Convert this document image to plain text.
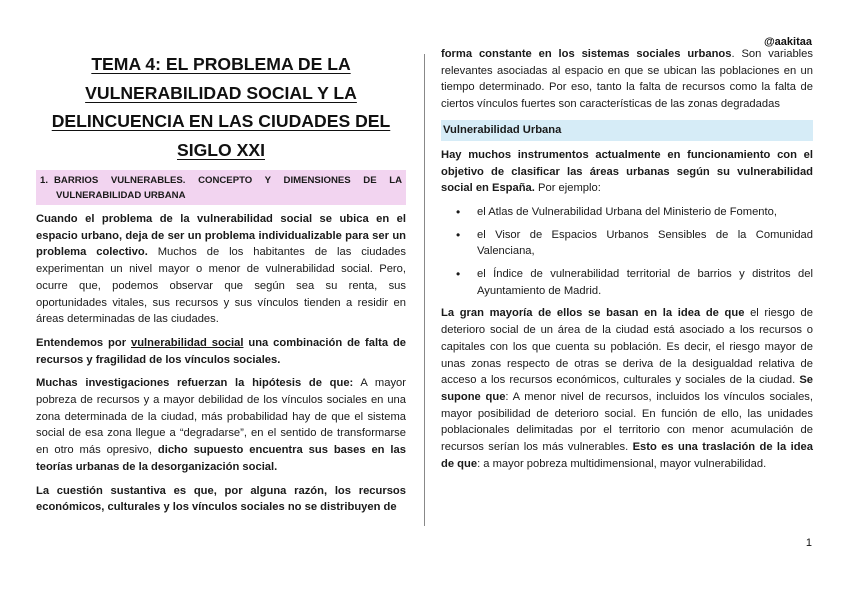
@aakitaa
TEMA 4: EL PROBLEMA DE LA VULNERABILIDAD SOCIAL Y LA DELINCUENCIA EN LAS CIUDADES DEL SIGLO XXI
1. BARRIOS VULNERABLES. CONCEPTO Y DIMENSIONES DE LA VULNERABILIDAD URBANA

Cuando el problema de la vulnerabilidad social se ubica en el espacio urbano, deja de ser un problema individualizable para ser un problema colectivo. Muchos de los habitantes de las ciudades experimentan un nivel mayor o menor de vulnerabilidad social. Pero, ocurre que, podemos observar que según sea su renta, sus oportunidades vitales, sus recursos y sus vínculos tienden a residir en áreas determinadas de las ciudades.

Entendemos por vulnerabilidad social una combinación de falta de recursos y fragilidad de los vínculos sociales.

Muchas investigaciones refuerzan la hipótesis de que: A mayor pobreza de recursos y a mayor debilidad de los vínculos sociales en una zona determinada de la ciudad, más probabilidad hay de que el sistema social de esa zona llegue a “degradarse”, en el sentido de transformarse en otro más opresivo, dicho supuesto encuentra sus bases en las teorías urbanas de la desorganización social.

La cuestión sustantiva es que, por alguna razón, los recursos económicos, culturales y los vínculos sociales no se distribuyen de

forma constante en los sistemas sociales urbanos. Son variables relevantes asociadas al espacio en que se ubican las poblaciones en un tiempo determinado. Por eso, tanto la falta de recursos como la falta de ciertos vínculos fuertes son características de las zonas degradadas

Vulnerabilidad Urbana

Hay muchos instrumentos actualmente en funcionamiento con el objetivo de clasificar las áreas urbanas según su vulnerabilidad social en España. Por ejemplo:

• el Atlas de Vulnerabilidad Urbana del Ministerio de Fomento,
• el Visor de Espacios Urbanos Sensibles de la Comunidad Valenciana,
• el Índice de vulnerabilidad territorial de barrios y distritos del Ayuntamiento de Madrid.

La gran mayoría de ellos se basan en la idea de que el riesgo de deterioro social de un área de la ciudad está asociado a los recursos o capitales con los que cuenta su población. Es decir, el riesgo mayor de unas zonas respecto de otras se deriva de la desigualdad relativa de acceso a los recursos económicos, culturales y sociales de la ciudad. Se supone que: A menor nivel de recursos, incluidos los vínculos sociales, mayor posibilidad de deterioro social. En función de ello, las unidades poblacionales delimitadas por el territorio con menor acumulación de recursos serían los más vulnerables. Esto es una traslación de la idea de que: a mayor pobreza multidimensional, mayor vulnerabilidad.

1
